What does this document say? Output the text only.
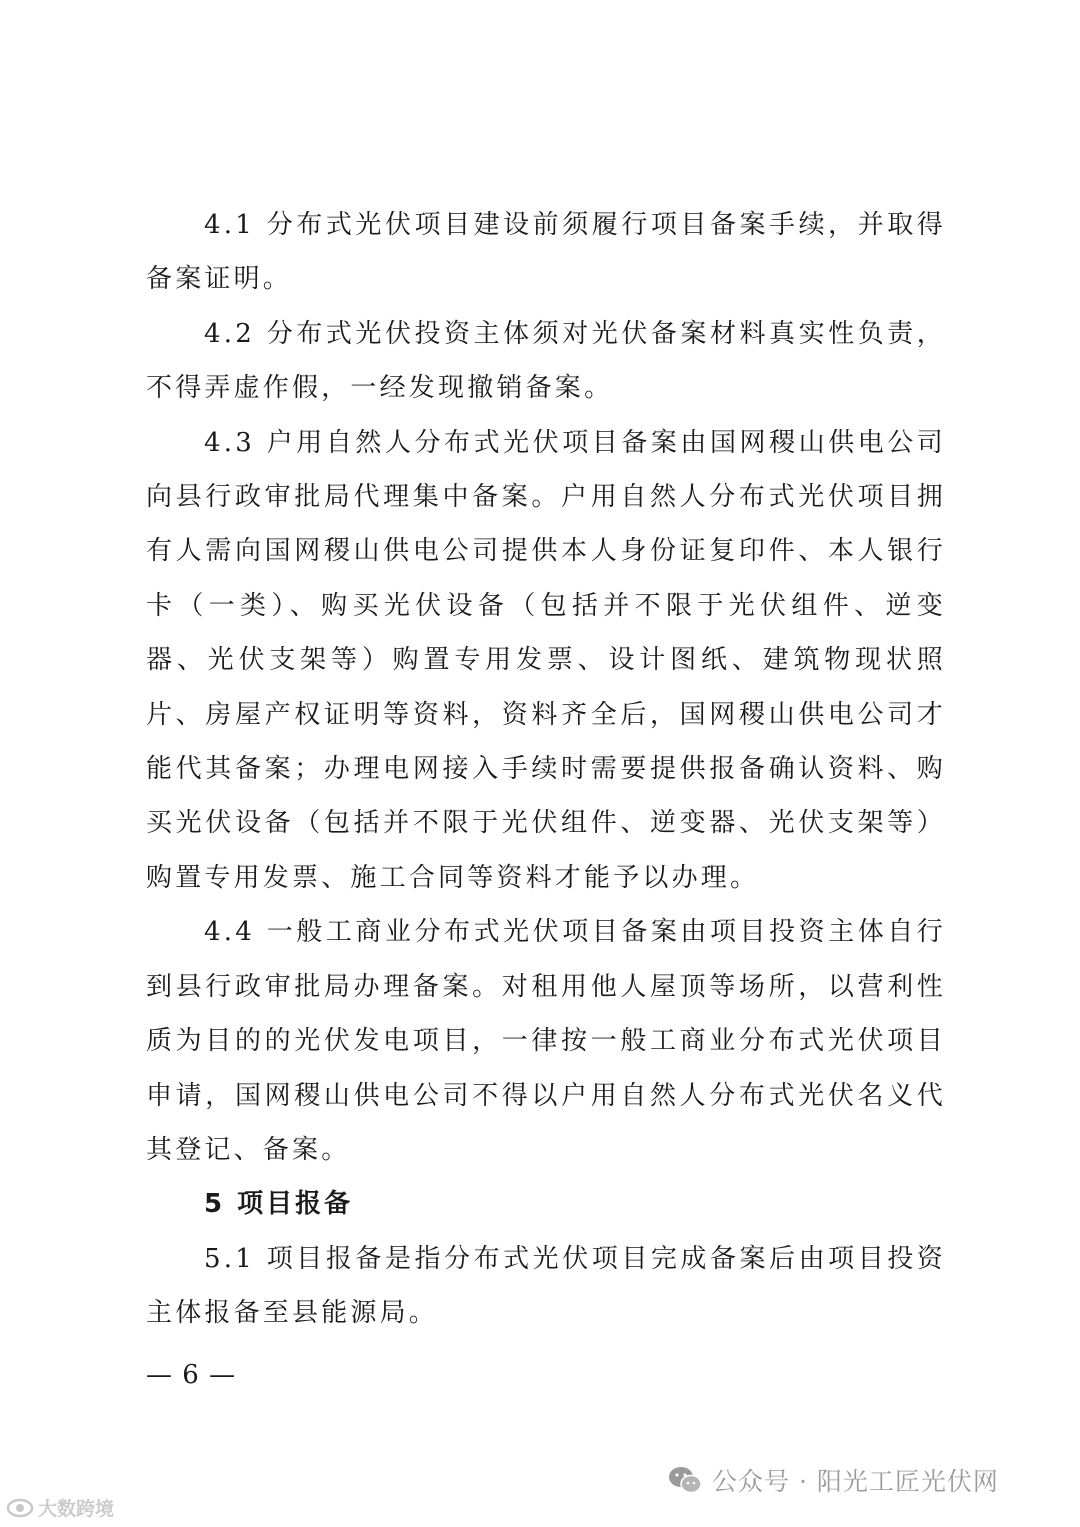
4.1 分布式光伏项目建设前须履行项目备案手续，并取得备案证明。

4.2 分布式光伏投资主体须对光伏备案材料真实性负责，不得弄虚作假，一经发现撤销备案。

4.3 户用自然人分布式光伏项目备案由国网稷山供电公司向县行政审批局代理集中备案。户用自然人分布式光伏项目拥有人需向国网稷山供电公司提供本人身份证复印件、本人银行卡（一类）、购买光伏设备（包括并不限于光伏组件、逆变器、光伏支架等）购置专用发票、设计图纸、建筑物现状照片、房屋产权证明等资料，资料齐全后，国网稷山供电公司才能代其备案；办理电网接入手续时需要提供报备确认资料、购买光伏设备（包括并不限于光伏组件、逆变器、光伏支架等）购置专用发票、施工合同等资料才能予以办理。

4.4 一般工商业分布式光伏项目备案由项目投资主体自行到县行政审批局办理备案。对租用他人屋顶等场所，以营利性质为目的的光伏发电项目，一律按一般工商业分布式光伏项目申请，国网稷山供电公司不得以户用自然人分布式光伏名义代其登记、备案。

5 项目报备

5.1 项目报备是指分布式光伏项目完成备案后由项目投资主体报备至县能源局。

— 6 —
大数跨境
公众号 · 阳光工匠光伏网
